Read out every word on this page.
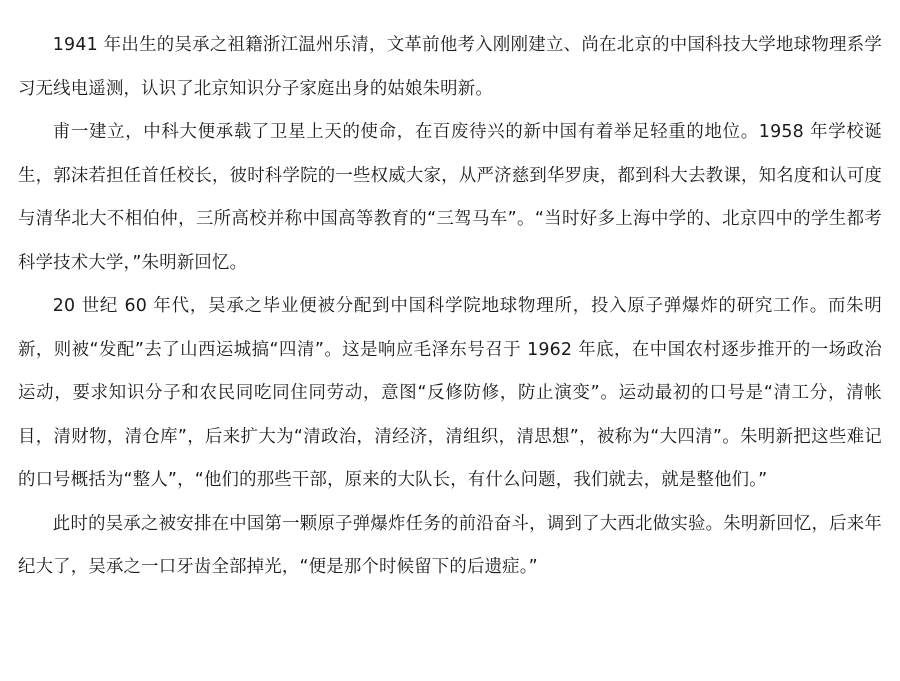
1941 年出生的吴承之祖籍浙江温州乐清，文革前他考入刚刚建立、尚在北京的中国科技大学地球物理系学习无线电遥测，认识了北京知识分子家庭出身的姑娘朱明新。

甫一建立，中科大便承载了卫星上天的使命，在百废待兴的新中国有着举足轻重的地位。1958 年学校诞生，郭沫若担任首任校长，彼时科学院的一些权威大家，从严济慈到华罗庚，都到科大去教课，知名度和认可度与清华北大不相伯仲，三所高校并称中国高等教育的“三驾马车”。“当时好多上海中学的、北京四中的学生都考科学技术大学，”朱明新回忆。

20 世纪 60 年代，吴承之毕业便被分配到中国科学院地球物理所，投入原子弹爆炸的研究工作。而朱明新，则被“发配”去了山西运城搞“四清”。这是响应毛泽东号召于 1962 年底，在中国农村逐步推开的一场政治运动，要求知识分子和农民同吃同住同劳动，意图“反修防修，防止演变”。运动最初的口号是“清工分，清帐目，清财物，清仓库”，后来扩大为“清政治，清经济，清组织，清思想”，被称为“大四清”。朱明新把这些难记的口号概括为“整人”，“他们的那些干部，原来的大队长，有什么问题，我们就去，就是整他们。”

此时的吴承之被安排在中国第一颗原子弹爆炸任务的前沿奋斗，调到了大西北做实验。朱明新回忆，后来年纪大了，吴承之一口牙齿全部掉光，“便是那个时候留下的后遗症。”
